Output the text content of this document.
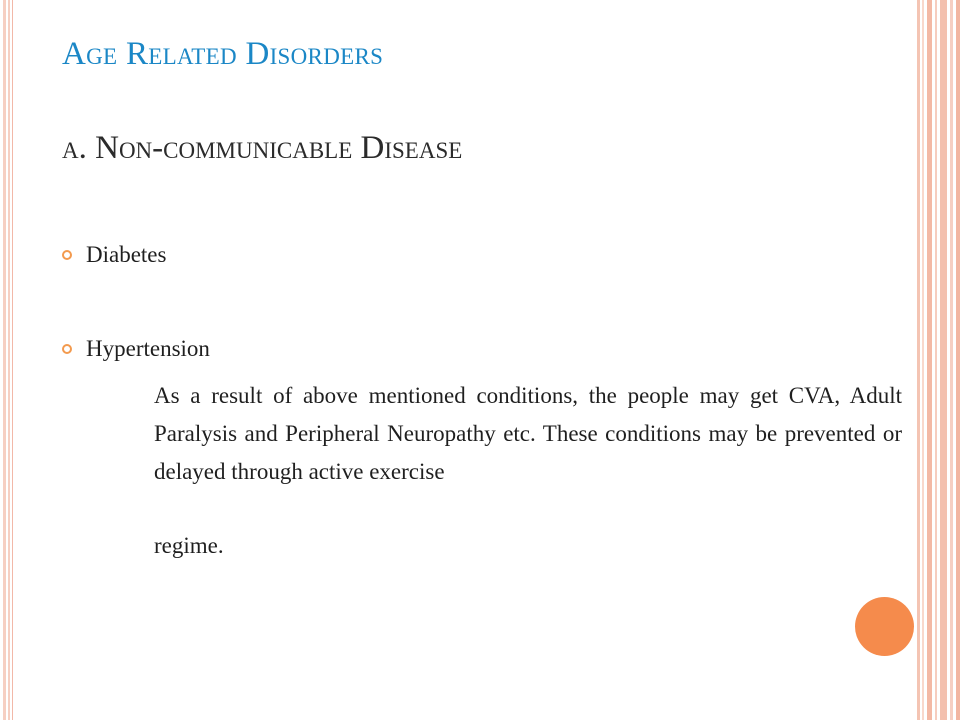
Age Related Disorders
a. Non-communicable Disease
Diabetes
Hypertension

As a result of above mentioned conditions, the people may get CVA, Adult Paralysis and Peripheral Neuropathy etc. These conditions may be prevented or delayed through active exercise

regime.
